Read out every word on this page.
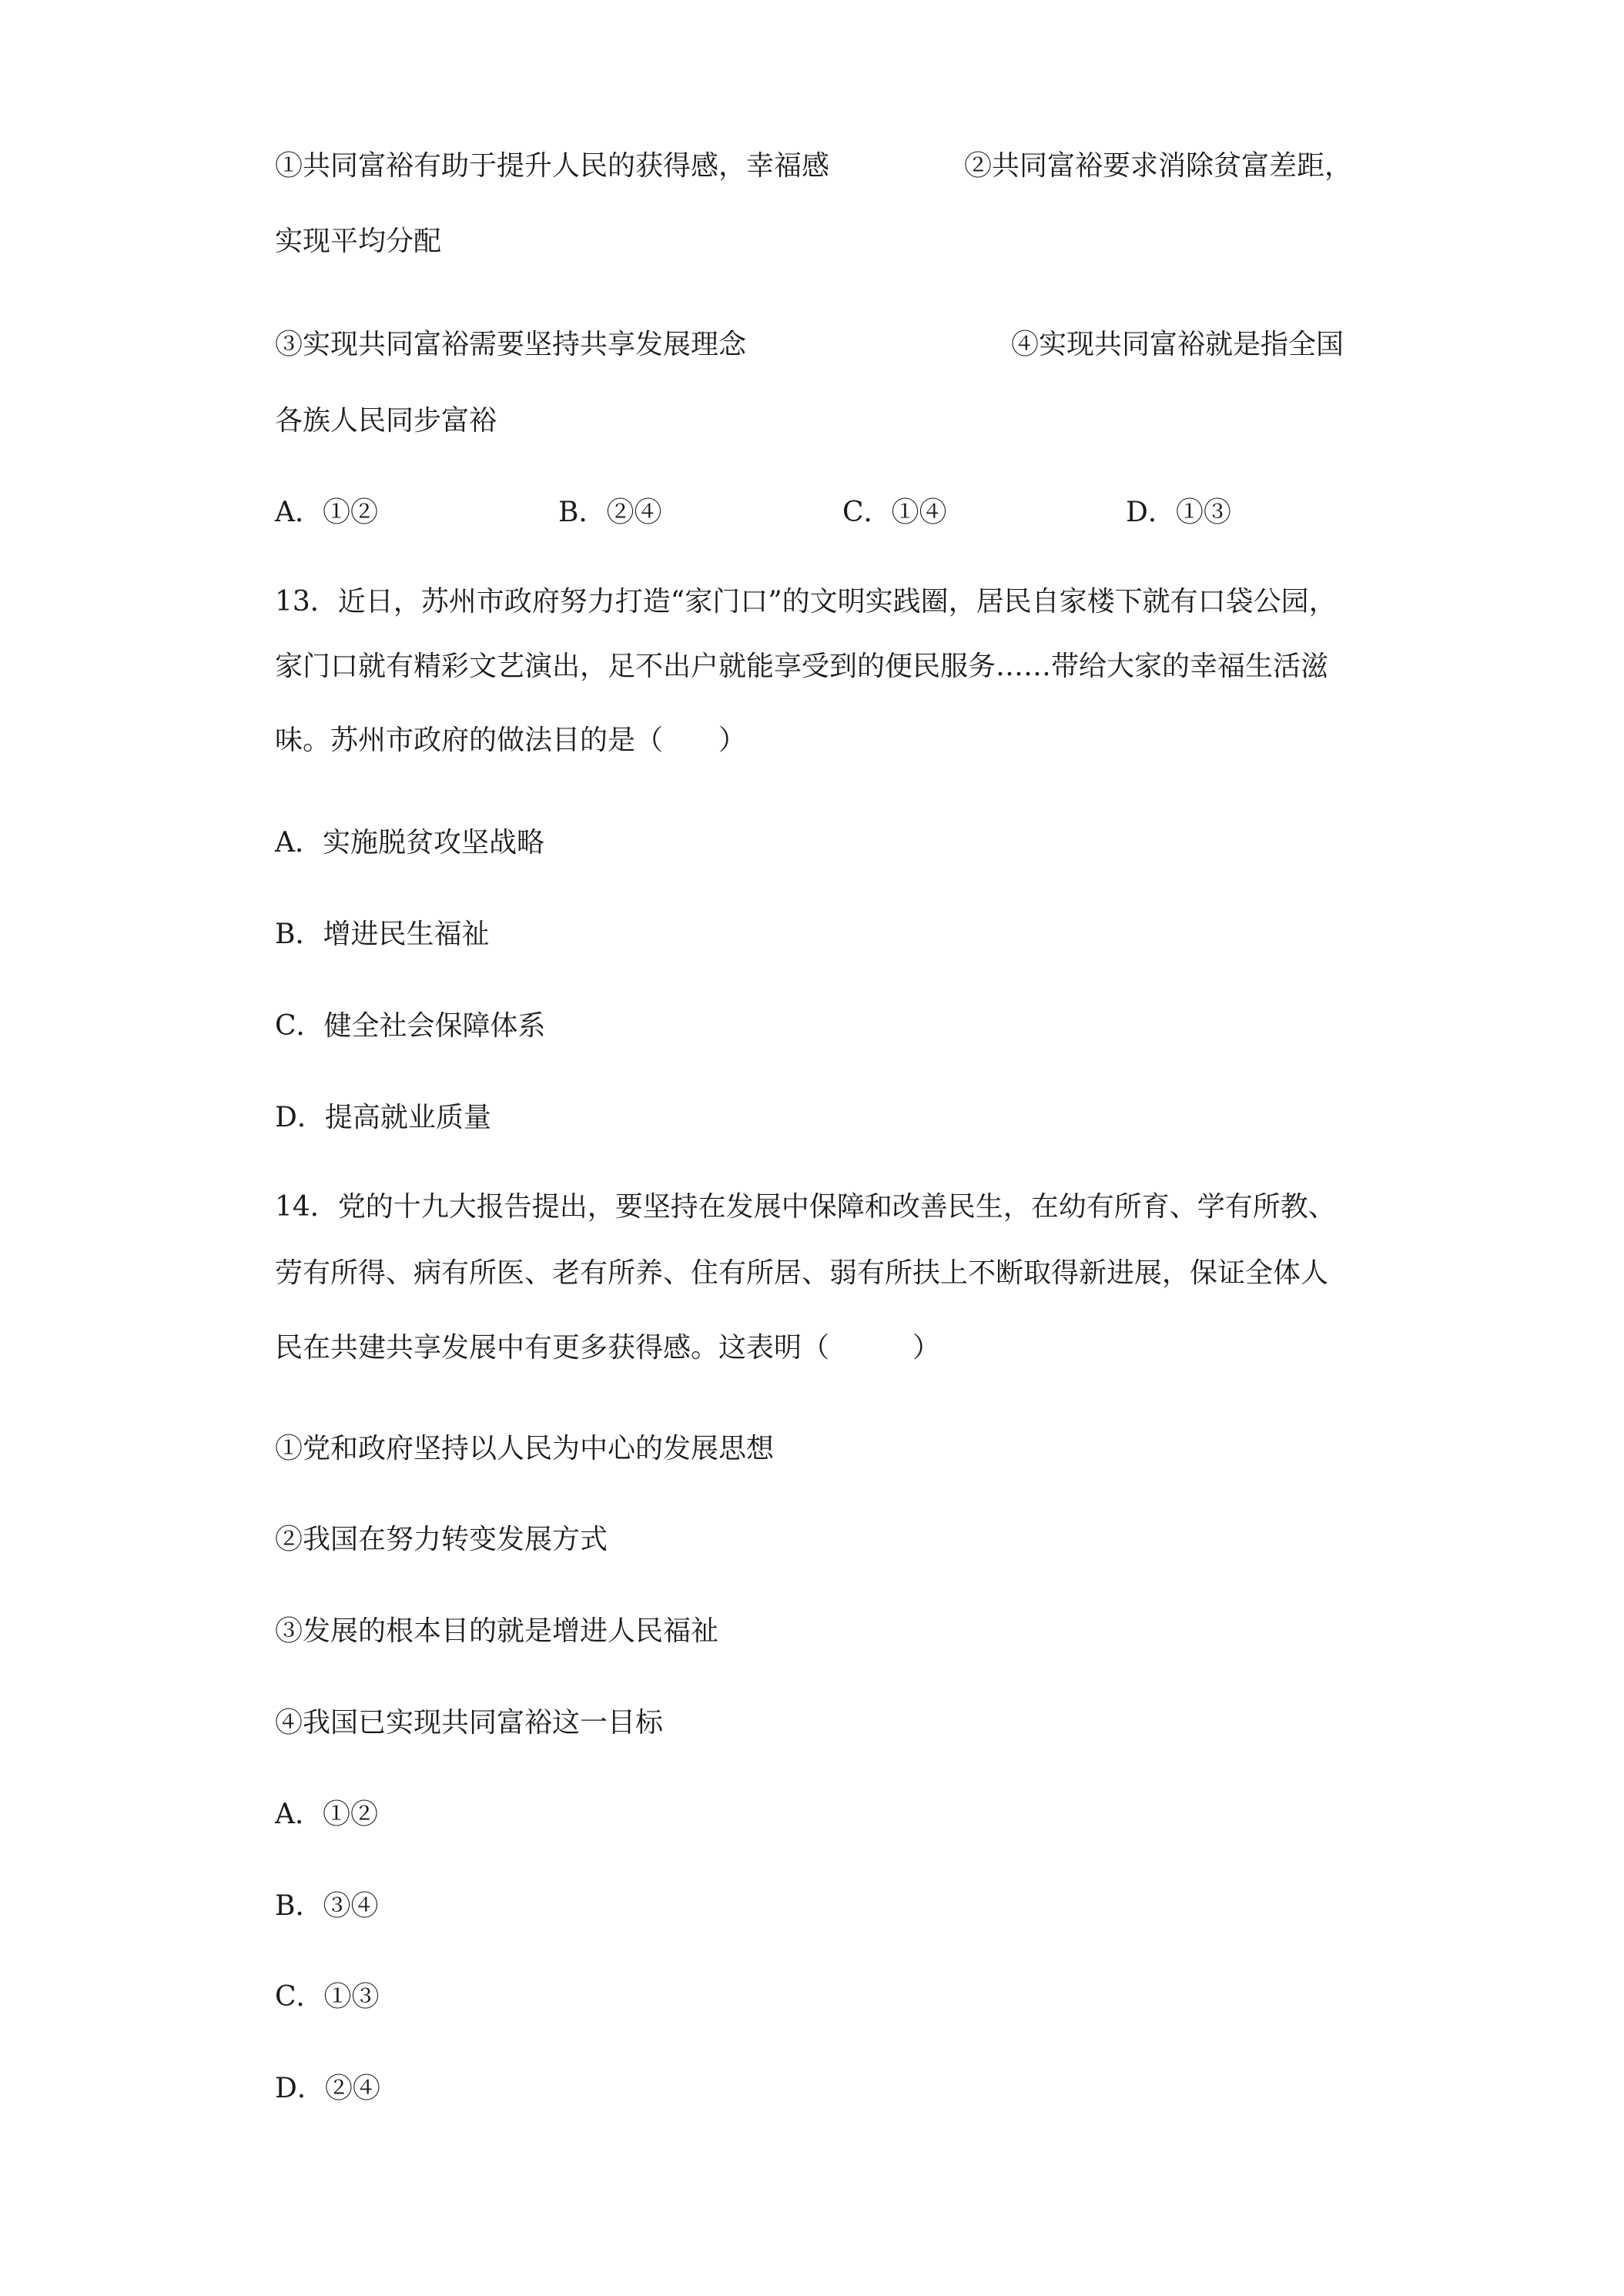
①共同富裕有助于提升人民的获得感，幸福感	②共同富裕要求消除贫富差距，
实现平均分配
③实现共同富裕需要坚持共享发展理念	④实现共同富裕就是指全国
各族人民同步富裕
A．①②	B．②④	C．①④	D．①③
13．近日，苏州市政府努力打造“家门口”的文明实践圈，居民自家楼下就有口袋公园，
家门口就有精彩文艺演出，足不出户就能享受到的便民服务……带给大家的幸福生活滋
味。苏州市政府的做法目的是（　　）
A．实施脱贫攻坚战略
B．增进民生福祉
C．健全社会保障体系
D．提高就业质量
14．党的十九大报告提出，要坚持在发展中保障和改善民生，在幼有所育、学有所教、
劳有所得、病有所医、老有所养、住有所居、弱有所扶上不断取得新进展，保证全体人
民在共建共享发展中有更多获得感。这表明（　　　）
①党和政府坚持以人民为中心的发展思想
②我国在努力转变发展方式
③发展的根本目的就是增进人民福祉
④我国已实现共同富裕这一目标
A．①②
B．③④
C．①③
D．②④
